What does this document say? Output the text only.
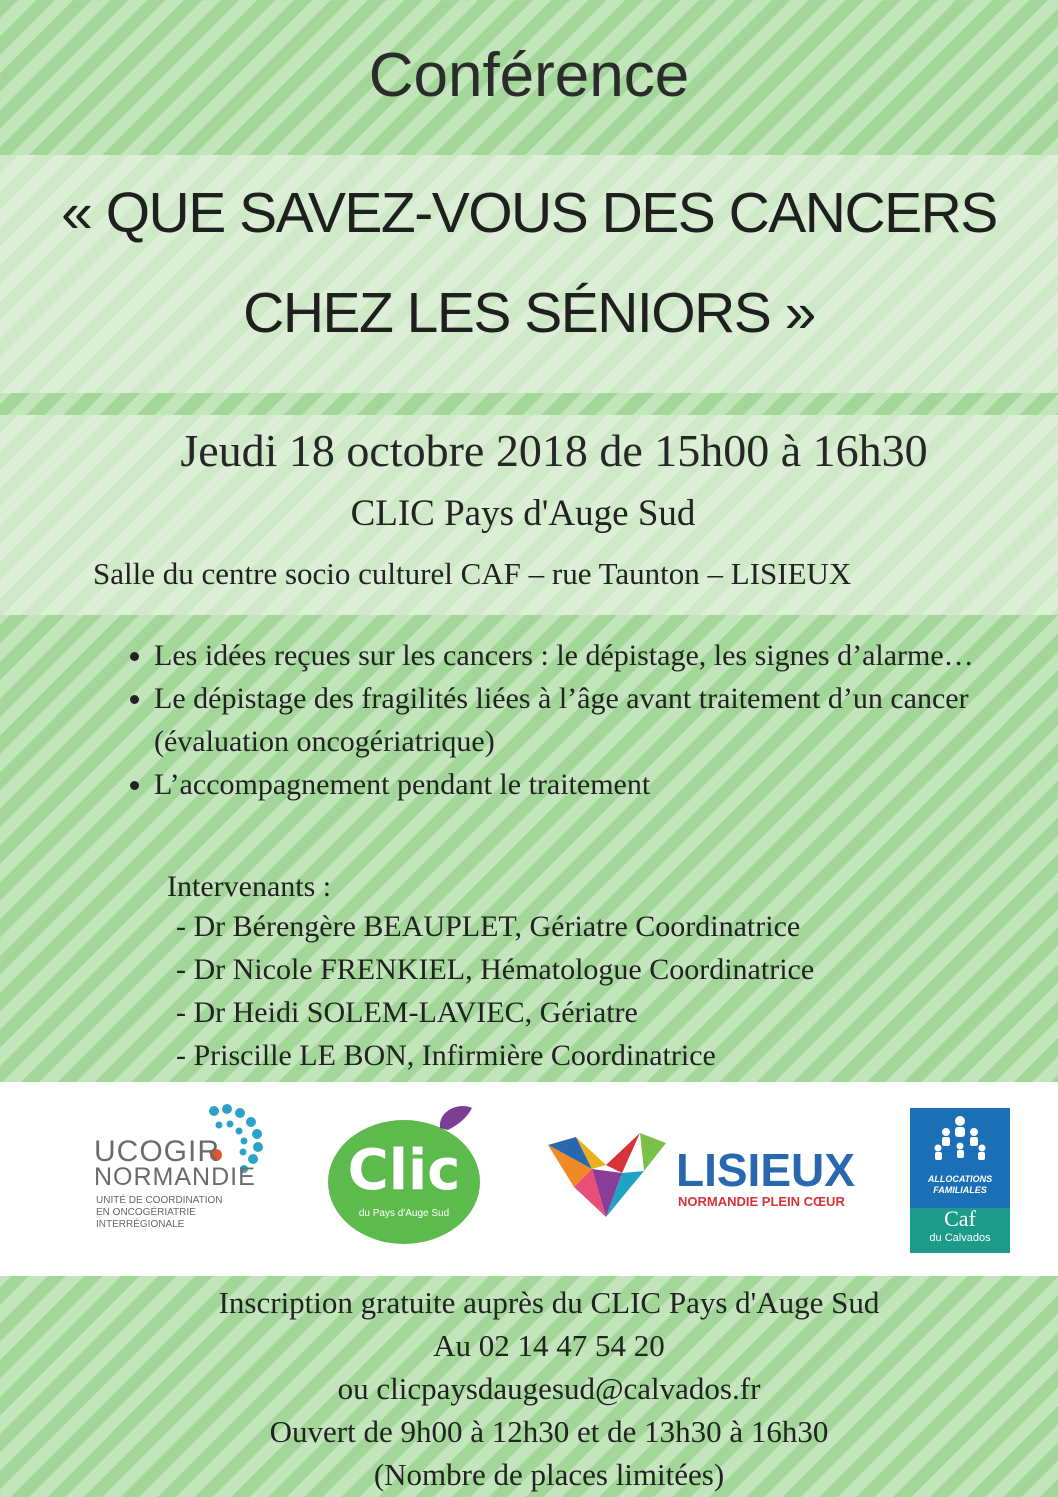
Conférence
« QUE SAVEZ-VOUS DES CANCERS
CHEZ LES SÉNIORS »
Jeudi 18 octobre 2018 de 15h00 à 16h30
CLIC Pays d'Auge Sud
Salle du centre socio culturel CAF – rue Taunton – LISIEUX
• Les idées reçues sur les cancers : le dépistage, les signes d’alarme…
• Le dépistage des fragilités liées à l’âge avant traitement d’un cancer (évaluation oncogériatrique)
• L’accompagnement pendant le traitement
Intervenants :
- Dr Bérengère BEAUPLET, Gériatre Coordinatrice
- Dr Nicole FRENKIEL, Hématologue Coordinatrice
- Dr Heidi SOLEM-LAVIEC, Gériatre
- Priscille LE BON, Infirmière Coordinatrice
UCOGIR
NORMANDIE
UNITÉ DE COORDINATION
EN ONCOGÉRIATRIE
INTERRÉGIONALE
Clic
du Pays d'Auge Sud
LISIEUX
NORMANDIE PLEIN CŒUR
ALLOCATIONS
FAMILIALES
Caf
du Calvados
Inscription gratuite auprès du CLIC Pays d'Auge Sud
Au 02 14 47 54 20
ou clicpaysdaugesud@calvados.fr
Ouvert de 9h00 à 12h30 et de 13h30 à 16h30
(Nombre de places limitées)
